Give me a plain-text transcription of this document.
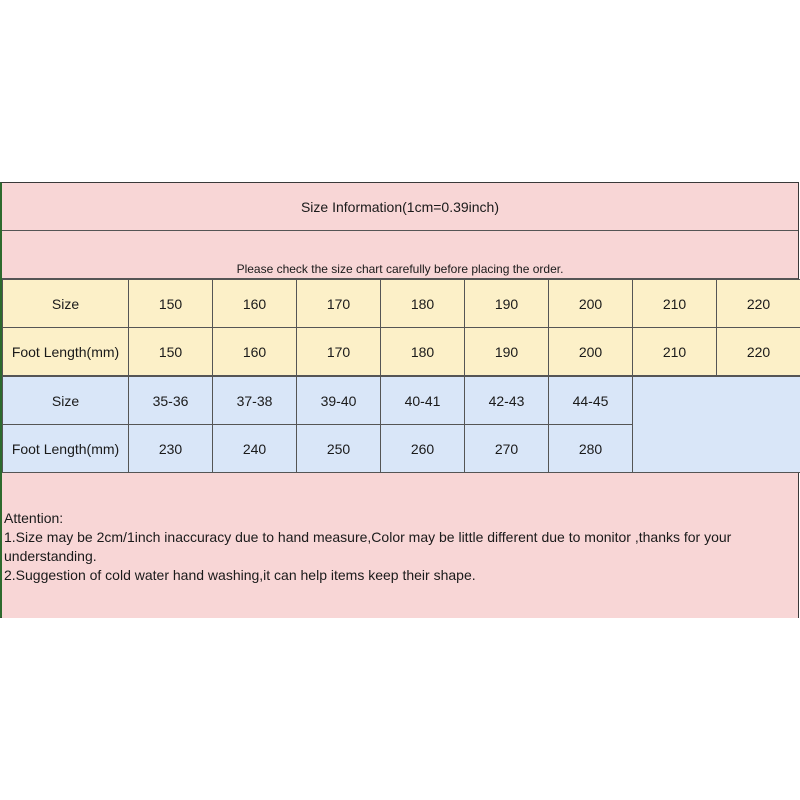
Size Information(1cm=0.39inch)
Please check the size chart carefully before placing the order.
Size	150	160	170	180	190	200	210	220
Foot Length(mm)	150	160	170	180	190	200	210	220
Size	35-36	37-38	39-40	40-41	42-43	44-45	
Foot Length(mm)	230	240	250	260	270	280	
Attention:
1.Size may be 2cm/1inch inaccuracy due to hand measure,Color may be little different due to monitor ,thanks for your understanding.
2.Suggestion of cold water hand washing,it can help items keep their shape.
